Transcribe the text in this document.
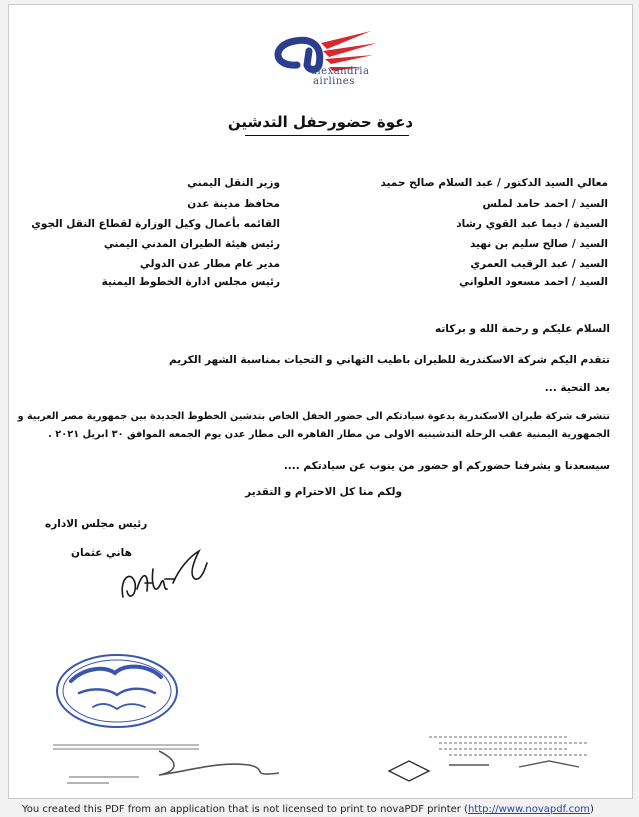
alexandria
airlines
دعوة حضورحفل التدشين
معالي السيد الدكتور / عبد السلام صالح حميد
وزير النقل اليمني
السيد / احمد حامد لملس
محافظ مدينة عدن
السيدة / ديما عبد القوي رشاد
القائمه بأعمال وكيل الوزارة لقطاع النقل الجوي
السيد / صالح سليم بن نهيد
رئيس هيئة الطيران المدني اليمني
السيد / عبد الرقيب العمري
مدير عام مطار عدن الدولي
السيد / احمد مسعود العلواني
رئيس مجلس ادارة الخطوط اليمنية
السلام عليكم و رحمة الله و بركاته
تتقدم اليكم شركة الاسكندرية للطيران باطيب التهاني و التحيات بمناسبة الشهر الكريم
بعد التحية ...
تتشرف شركة طيران الاسكندرية بدعوة سيادتكم الى حضور الحفل الخاص بتدشين الخطوط الجديدة بين جمهورية مصر العربية و
الجمهورية اليمنية عقب الرحلة التدشينيه الاولى من مطار القاهره الى مطار عدن يوم الجمعه الموافق ٣٠ ابريل ٢٠٢١ .
سيسعدنا و يشرفنا حضوركم او حضور من ينوب عن سيادتكم ....
ولكم منا كل الاحترام و التقدير
رئيس مجلس الاداره
هاني عثمان
You created this PDF from an application that is not licensed to print to novaPDF printer (http://www.novapdf.com)
